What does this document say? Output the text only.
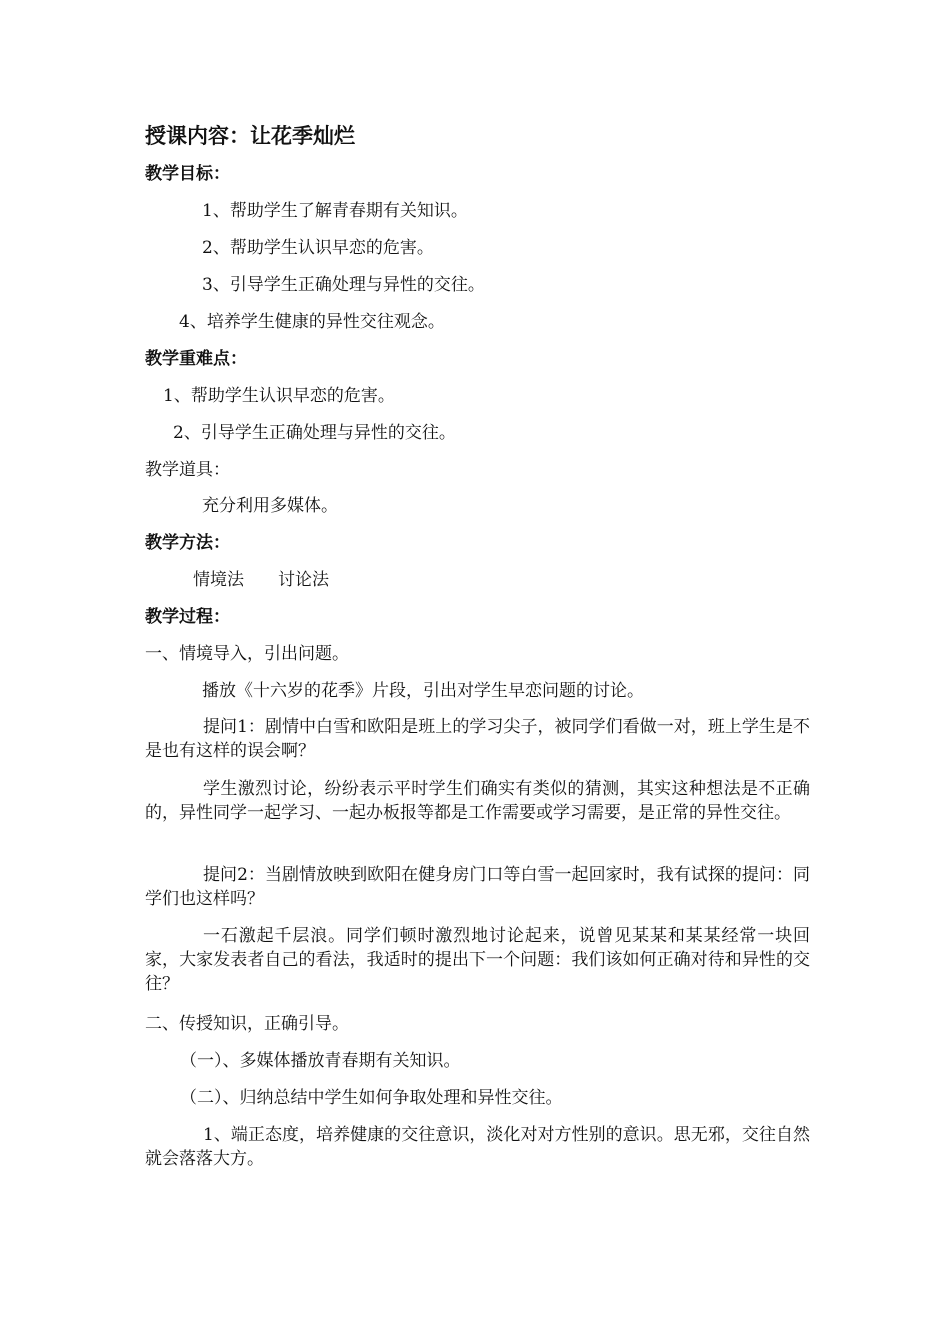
授课内容：让花季灿烂
教学目标：
1、帮助学生了解青春期有关知识。
2、帮助学生认识早恋的危害。
3、引导学生正确处理与异性的交往。
4、培养学生健康的异性交往观念。
教学重难点：
1、帮助学生认识早恋的危害。
2、引导学生正确处理与异性的交往。
教学道具：
充分利用多媒体。
教学方法：
情境法 讨论法
教学过程：
一、情境导入，引出问题。
播放《十六岁的花季》片段，引出对学生早恋问题的讨论。
提问1：剧情中白雪和欧阳是班上的学习尖子，被同学们看做一对，班上学生是不是也有这样的误会啊？
学生激烈讨论，纷纷表示平时学生们确实有类似的猜测，其实这种想法是不正确的，异性同学一起学习、一起办板报等都是工作需要或学习需要，是正常的异性交往。
提问2：当剧情放映到欧阳在健身房门口等白雪一起回家时，我有试探的提问：同学们也这样吗？
一石激起千层浪。同学们顿时激烈地讨论起来，说曾见某某和某某经常一块回家，大家发表者自己的看法，我适时的提出下一个问题：我们该如何正确对待和异性的交往？
二、传授知识，正确引导。
（一）、多媒体播放青春期有关知识。
（二）、归纳总结中学生如何争取处理和异性交往。
1、端正态度，培养健康的交往意识，淡化对对方性别的意识。思无邪，交往自然就会落落大方。
